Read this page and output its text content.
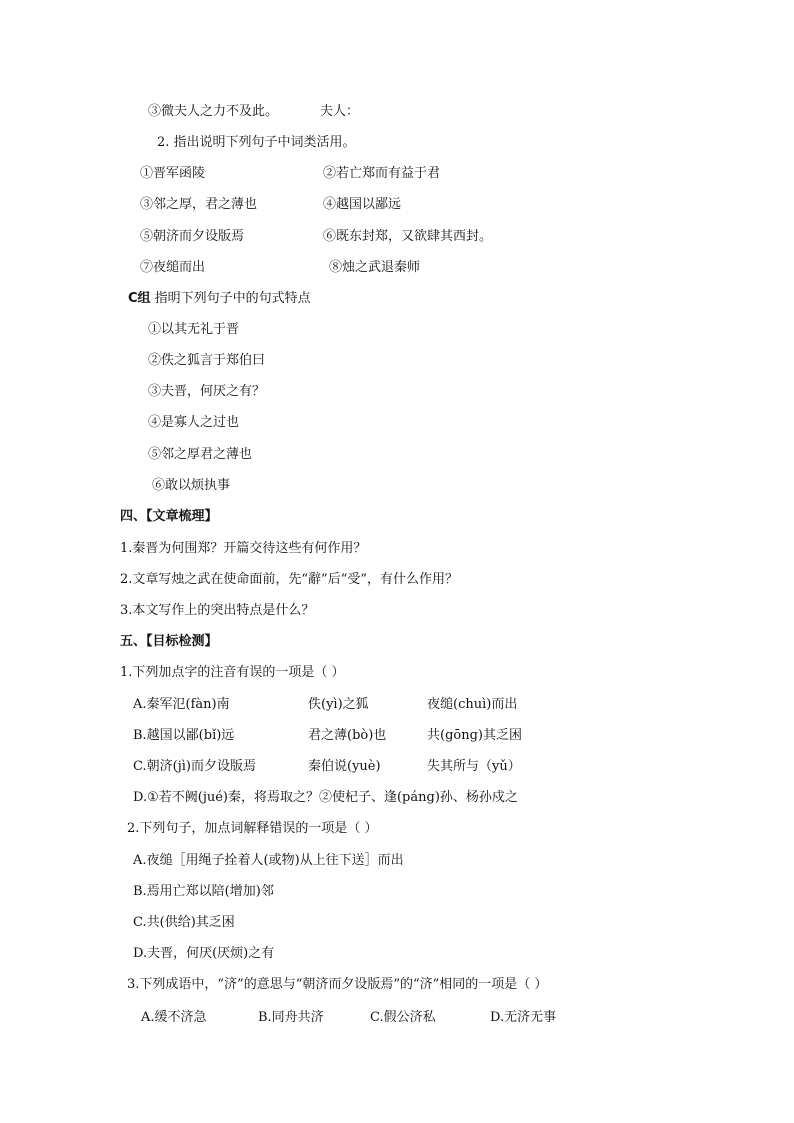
③微夫人之力不及此。	夫人：
2. 指出说明下列句子中词类活用。
①晋军函陵	②若亡郑而有益于君
③邻之厚，君之薄也	④越国以鄙远
⑤朝济而夕设版焉	⑥既东封郑，又欲肆其西封。
⑦夜缒而出	⑧烛之武退秦师
C组 指明下列句子中的句式特点
①以其无礼于晋
②佚之狐言于郑伯曰
③夫晋，何厌之有？
④是寡人之过也
⑤邻之厚君之薄也
⑥敢以烦执事
四、【文章梳理】
1.秦晋为何围郑？开篇交待这些有何作用？
2.文章写烛之武在使命面前，先“辭”后“受”，有什么作用？
3.本文写作上的突出特点是什么？
五、【目标检测】
1.下列加点字的注音有误的一项是（ ）
A.秦军氾(fàn)南	佚(yì)之狐	夜缒(chuì)而出
B.越国以鄙(bǐ)远	君之薄(bò)也	共(gōng)其乏困
C.朝济(jì)而夕设版焉	秦伯说(yuè)	失其所与（yǔ）
D.①若不阙(jué)秦，将焉取之？②使杞子、逢(páng)孙、杨孙戍之
2.下列句子，加点词解释错误的一项是（ ）
A.夜缒［用绳子拴着人(或物)从上往下送］而出
B.焉用亡郑以陪(增加)邻
C.共(供给)其乏困
D.夫晋，何厌(厌烦)之有
3.下列成语中，“济”的意思与“朝济而夕设版焉”的“济”相同的一项是（ ）
A.缓不济急	B.同舟共济	C.假公济私	D.无济无事
